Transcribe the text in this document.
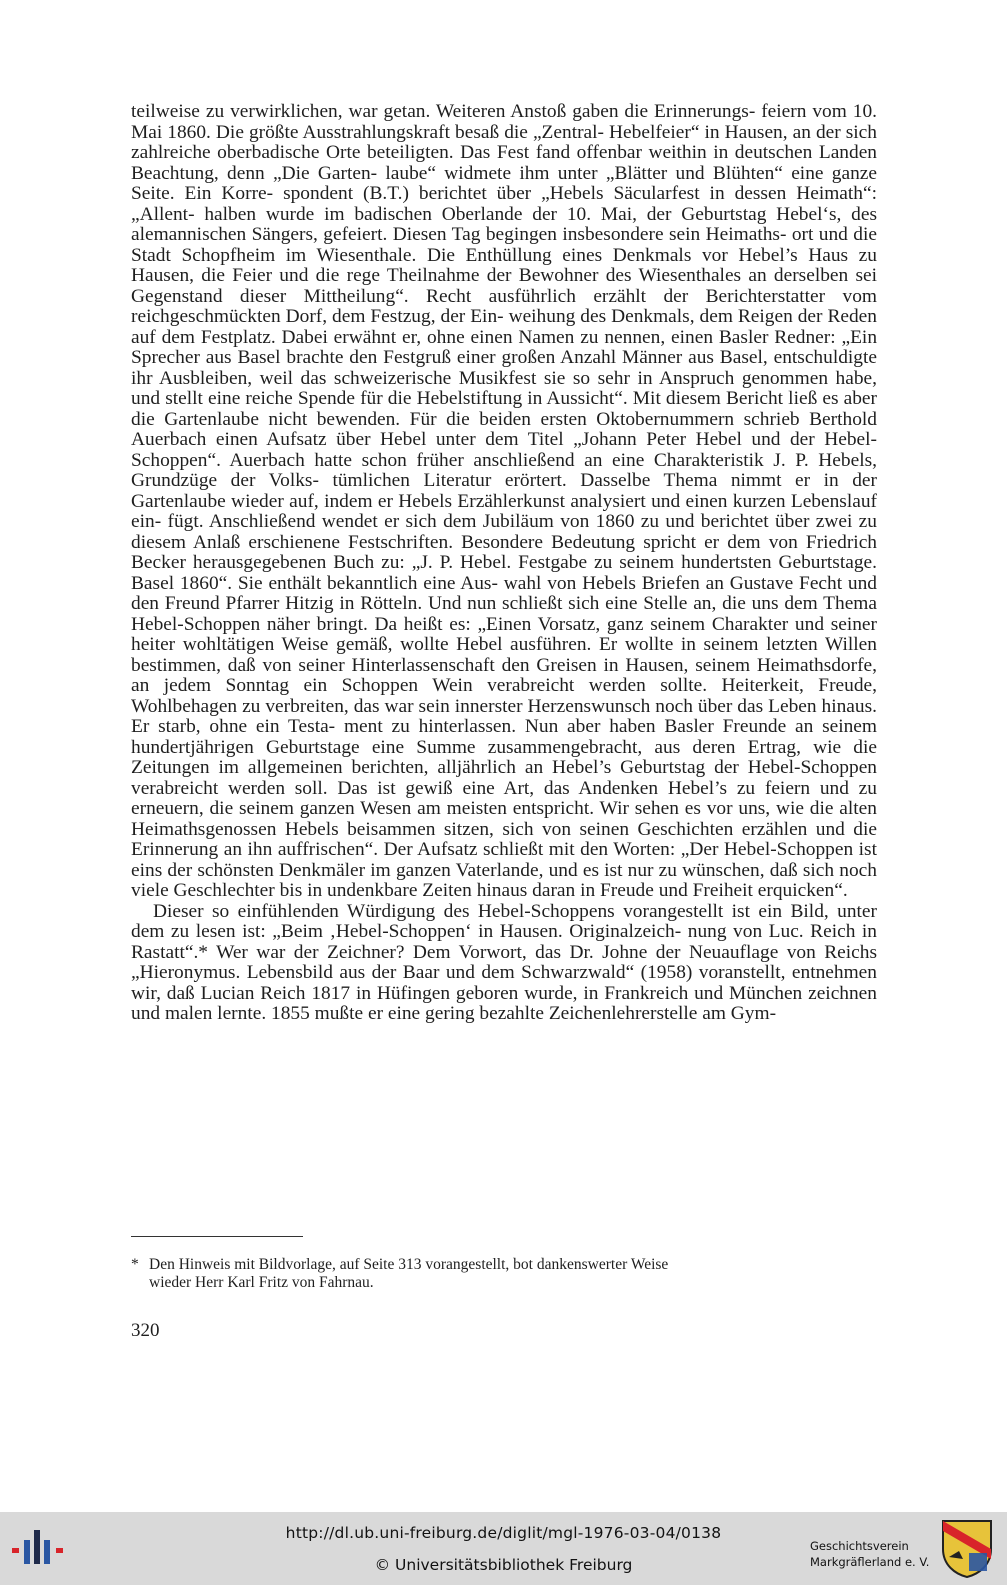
teilweise zu verwirklichen, war getan. Weiteren Anstoß gaben die Erinnerungs- feiern vom 10. Mai 1860. Die größte Ausstrahlungskraft besaß die „Zentral- Hebelfeier“ in Hausen, an der sich zahlreiche oberbadische Orte beteiligten. Das Fest fand offenbar weithin in deutschen Landen Beachtung, denn „Die Garten- laube“ widmete ihm unter „Blätter und Blühten“ eine ganze Seite. Ein Korre- spondent (B.T.) berichtet über „Hebels Säcularfest in dessen Heimath“: „Allent- halben wurde im badischen Oberlande der 10. Mai, der Geburtstag Hebel‘s, des alemannischen Sängers, gefeiert. Diesen Tag begingen insbesondere sein Heimaths- ort und die Stadt Schopfheim im Wiesenthale. Die Enthüllung eines Denkmals vor Hebel’s Haus zu Hausen, die Feier und die rege Theilnahme der Bewohner des Wiesenthales an derselben sei Gegenstand dieser Mittheilung“. Recht ausführlich erzählt der Berichterstatter vom reichgeschmückten Dorf, dem Festzug, der Ein- weihung des Denkmals, dem Reigen der Reden auf dem Festplatz. Dabei erwähnt er, ohne einen Namen zu nennen, einen Basler Redner: „Ein Sprecher aus Basel brachte den Festgruß einer großen Anzahl Männer aus Basel, entschuldigte ihr Ausbleiben, weil das schweizerische Musikfest sie so sehr in Anspruch genommen habe, und stellt eine reiche Spende für die Hebelstiftung in Aussicht“. Mit diesem Bericht ließ es aber die Gartenlaube nicht bewenden. Für die beiden ersten Oktobernummern schrieb Berthold Auerbach einen Aufsatz über Hebel unter dem Titel „Johann Peter Hebel und der Hebel-Schoppen“. Auerbach hatte schon früher anschließend an eine Charakteristik J. P. Hebels, Grundzüge der Volks- tümlichen Literatur erörtert. Dasselbe Thema nimmt er in der Gartenlaube wieder auf, indem er Hebels Erzählerkunst analysiert und einen kurzen Lebenslauf ein- fügt. Anschließend wendet er sich dem Jubiläum von 1860 zu und berichtet über zwei zu diesem Anlaß erschienene Festschriften. Besondere Bedeutung spricht er dem von Friedrich Becker herausgegebenen Buch zu: „J. P. Hebel. Festgabe zu seinem hundertsten Geburtstage. Basel 1860“. Sie enthält bekanntlich eine Aus- wahl von Hebels Briefen an Gustave Fecht und den Freund Pfarrer Hitzig in Rötteln. Und nun schließt sich eine Stelle an, die uns dem Thema Hebel-Schoppen näher bringt. Da heißt es: „Einen Vorsatz, ganz seinem Charakter und seiner heiter wohltätigen Weise gemäß, wollte Hebel ausführen. Er wollte in seinem letzten Willen bestimmen, daß von seiner Hinterlassenschaft den Greisen in Hausen, seinem Heimathsdorfe, an jedem Sonntag ein Schoppen Wein verabreicht werden sollte. Heiterkeit, Freude, Wohlbehagen zu verbreiten, das war sein innerster Herzenswunsch noch über das Leben hinaus. Er starb, ohne ein Testa- ment zu hinterlassen. Nun aber haben Basler Freunde an seinem hundertjährigen Geburtstage eine Summe zusammengebracht, aus deren Ertrag, wie die Zeitungen im allgemeinen berichten, alljährlich an Hebel’s Geburtstag der Hebel-Schoppen verabreicht werden soll. Das ist gewiß eine Art, das Andenken Hebel’s zu feiern und zu erneuern, die seinem ganzen Wesen am meisten entspricht. Wir sehen es vor uns, wie die alten Heimathsgenossen Hebels beisammen sitzen, sich von seinen Geschichten erzählen und die Erinnerung an ihn auffrischen“. Der Aufsatz schließt mit den Worten: „Der Hebel-Schoppen ist eins der schönsten Denkmäler im ganzen Vaterlande, und es ist nur zu wünschen, daß sich noch viele Geschlechter bis in undenkbare Zeiten hinaus daran in Freude und Freiheit erquicken“.

Dieser so einfühlenden Würdigung des Hebel-Schoppens vorangestellt ist ein Bild, unter dem zu lesen ist: „Beim ‚Hebel-Schoppen‘ in Hausen. Originalzeich- nung von Luc. Reich in Rastatt“.* Wer war der Zeichner? Dem Vorwort, das Dr. Johne der Neuauflage von Reichs „Hieronymus. Lebensbild aus der Baar und dem Schwarzwald“ (1958) voranstellt, entnehmen wir, daß Lucian Reich 1817 in Hüfingen geboren wurde, in Frankreich und München zeichnen und malen lernte. 1855 mußte er eine gering bezahlte Zeichenlehrerstelle am Gym-

* Den Hinweis mit Bildvorlage, auf Seite 313 vorangestellt, bot dankenswerter Weise
wieder Herr Karl Fritz von Fahrnau.
320
http://dl.ub.uni-freiburg.de/diglit/mgl-1976-03-04/0138
© Universitätsbibliothek Freiburg
Geschichtsverein
Markgräflerland e. V.
